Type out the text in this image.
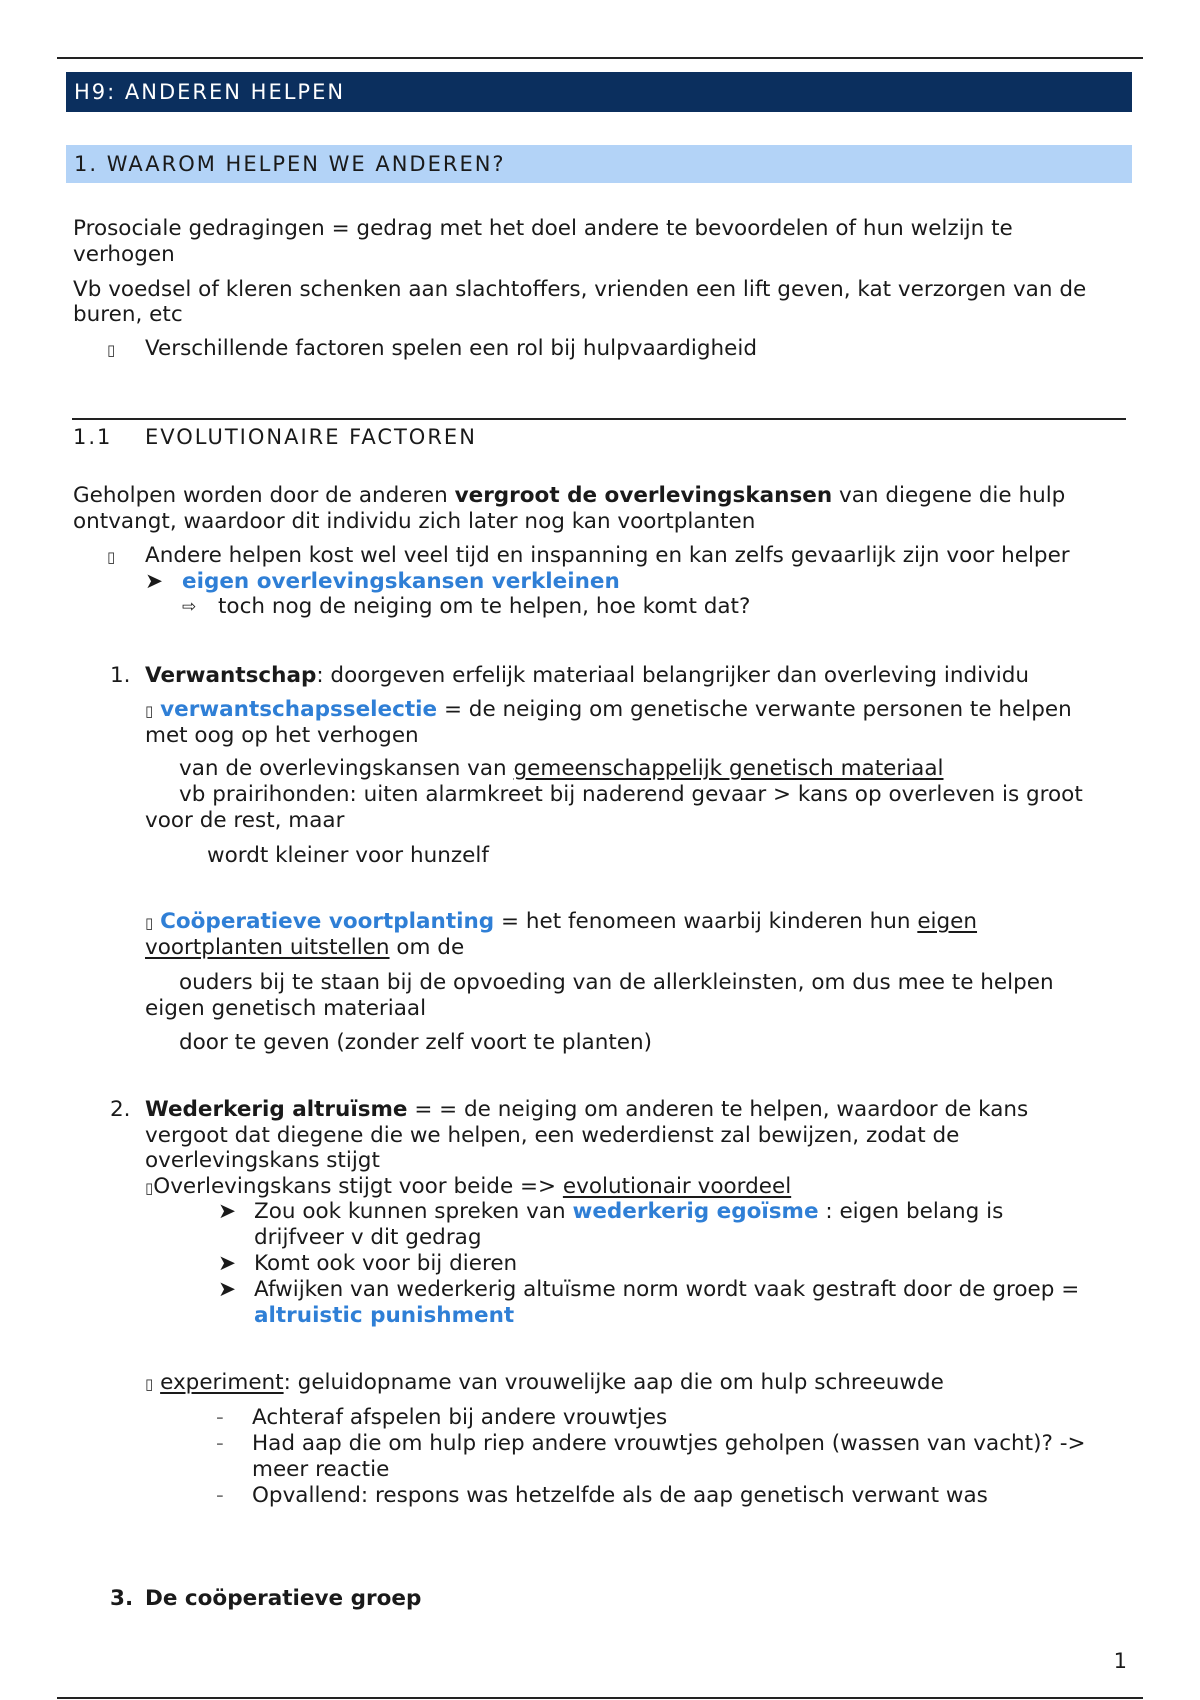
H9: ANDEREN HELPEN
1. WAAROM HELPEN WE ANDEREN?
Prosociale gedragingen = gedrag met het doel andere te bevoordelen of hun welzijn te
verhogen
Vb voedsel of kleren schenken aan slachtoffers, vrienden een lift geven, kat verzorgen van de
buren, etc
▯ Verschillende factoren spelen een rol bij hulpvaardigheid
1.1 EVOLUTIONAIRE FACTOREN
Geholpen worden door de anderen vergroot de overlevingskansen van diegene die hulp
ontvangt, waardoor dit individu zich later nog kan voortplanten
▯ Andere helpen kost wel veel tijd en inspanning en kan zelfs gevaarlijk zijn voor helper
➤ eigen overlevingskansen verkleinen
⇨ toch nog de neiging om te helpen, hoe komt dat?
1. Verwantschap: doorgeven erfelijk materiaal belangrijker dan overleving individu
▯ verwantschapsselectie = de neiging om genetische verwante personen te helpen
met oog op het verhogen
van de overlevingskansen van gemeenschappelijk genetisch materiaal
vb prairihonden: uiten alarmkreet bij naderend gevaar > kans op overleven is groot
voor de rest, maar
wordt kleiner voor hunzelf
▯ Coöperatieve voortplanting = het fenomeen waarbij kinderen hun eigen
voortplanten uitstellen om de
ouders bij te staan bij de opvoeding van de allerkleinsten, om dus mee te helpen
eigen genetisch materiaal
door te geven (zonder zelf voort te planten)
2. Wederkerig altruïsme = = de neiging om anderen te helpen, waardoor de kans
vergoot dat diegene die we helpen, een wederdienst zal bewijzen, zodat de
overlevingskans stijgt
▯Overlevingskans stijgt voor beide => evolutionair voordeel
➤ Zou ook kunnen spreken van wederkerig egoïsme : eigen belang is
drijfveer v dit gedrag
➤ Komt ook voor bij dieren
➤ Afwijken van wederkerig altuïsme norm wordt vaak gestraft door de groep =
altruistic punishment
▯ experiment: geluidopname van vrouwelijke aap die om hulp schreeuwde
- Achteraf afspelen bij andere vrouwtjes
- Had aap die om hulp riep andere vrouwtjes geholpen (wassen van vacht)? ->
meer reactie
- Opvallend: respons was hetzelfde als de aap genetisch verwant was
3. De coöperatieve groep
1
